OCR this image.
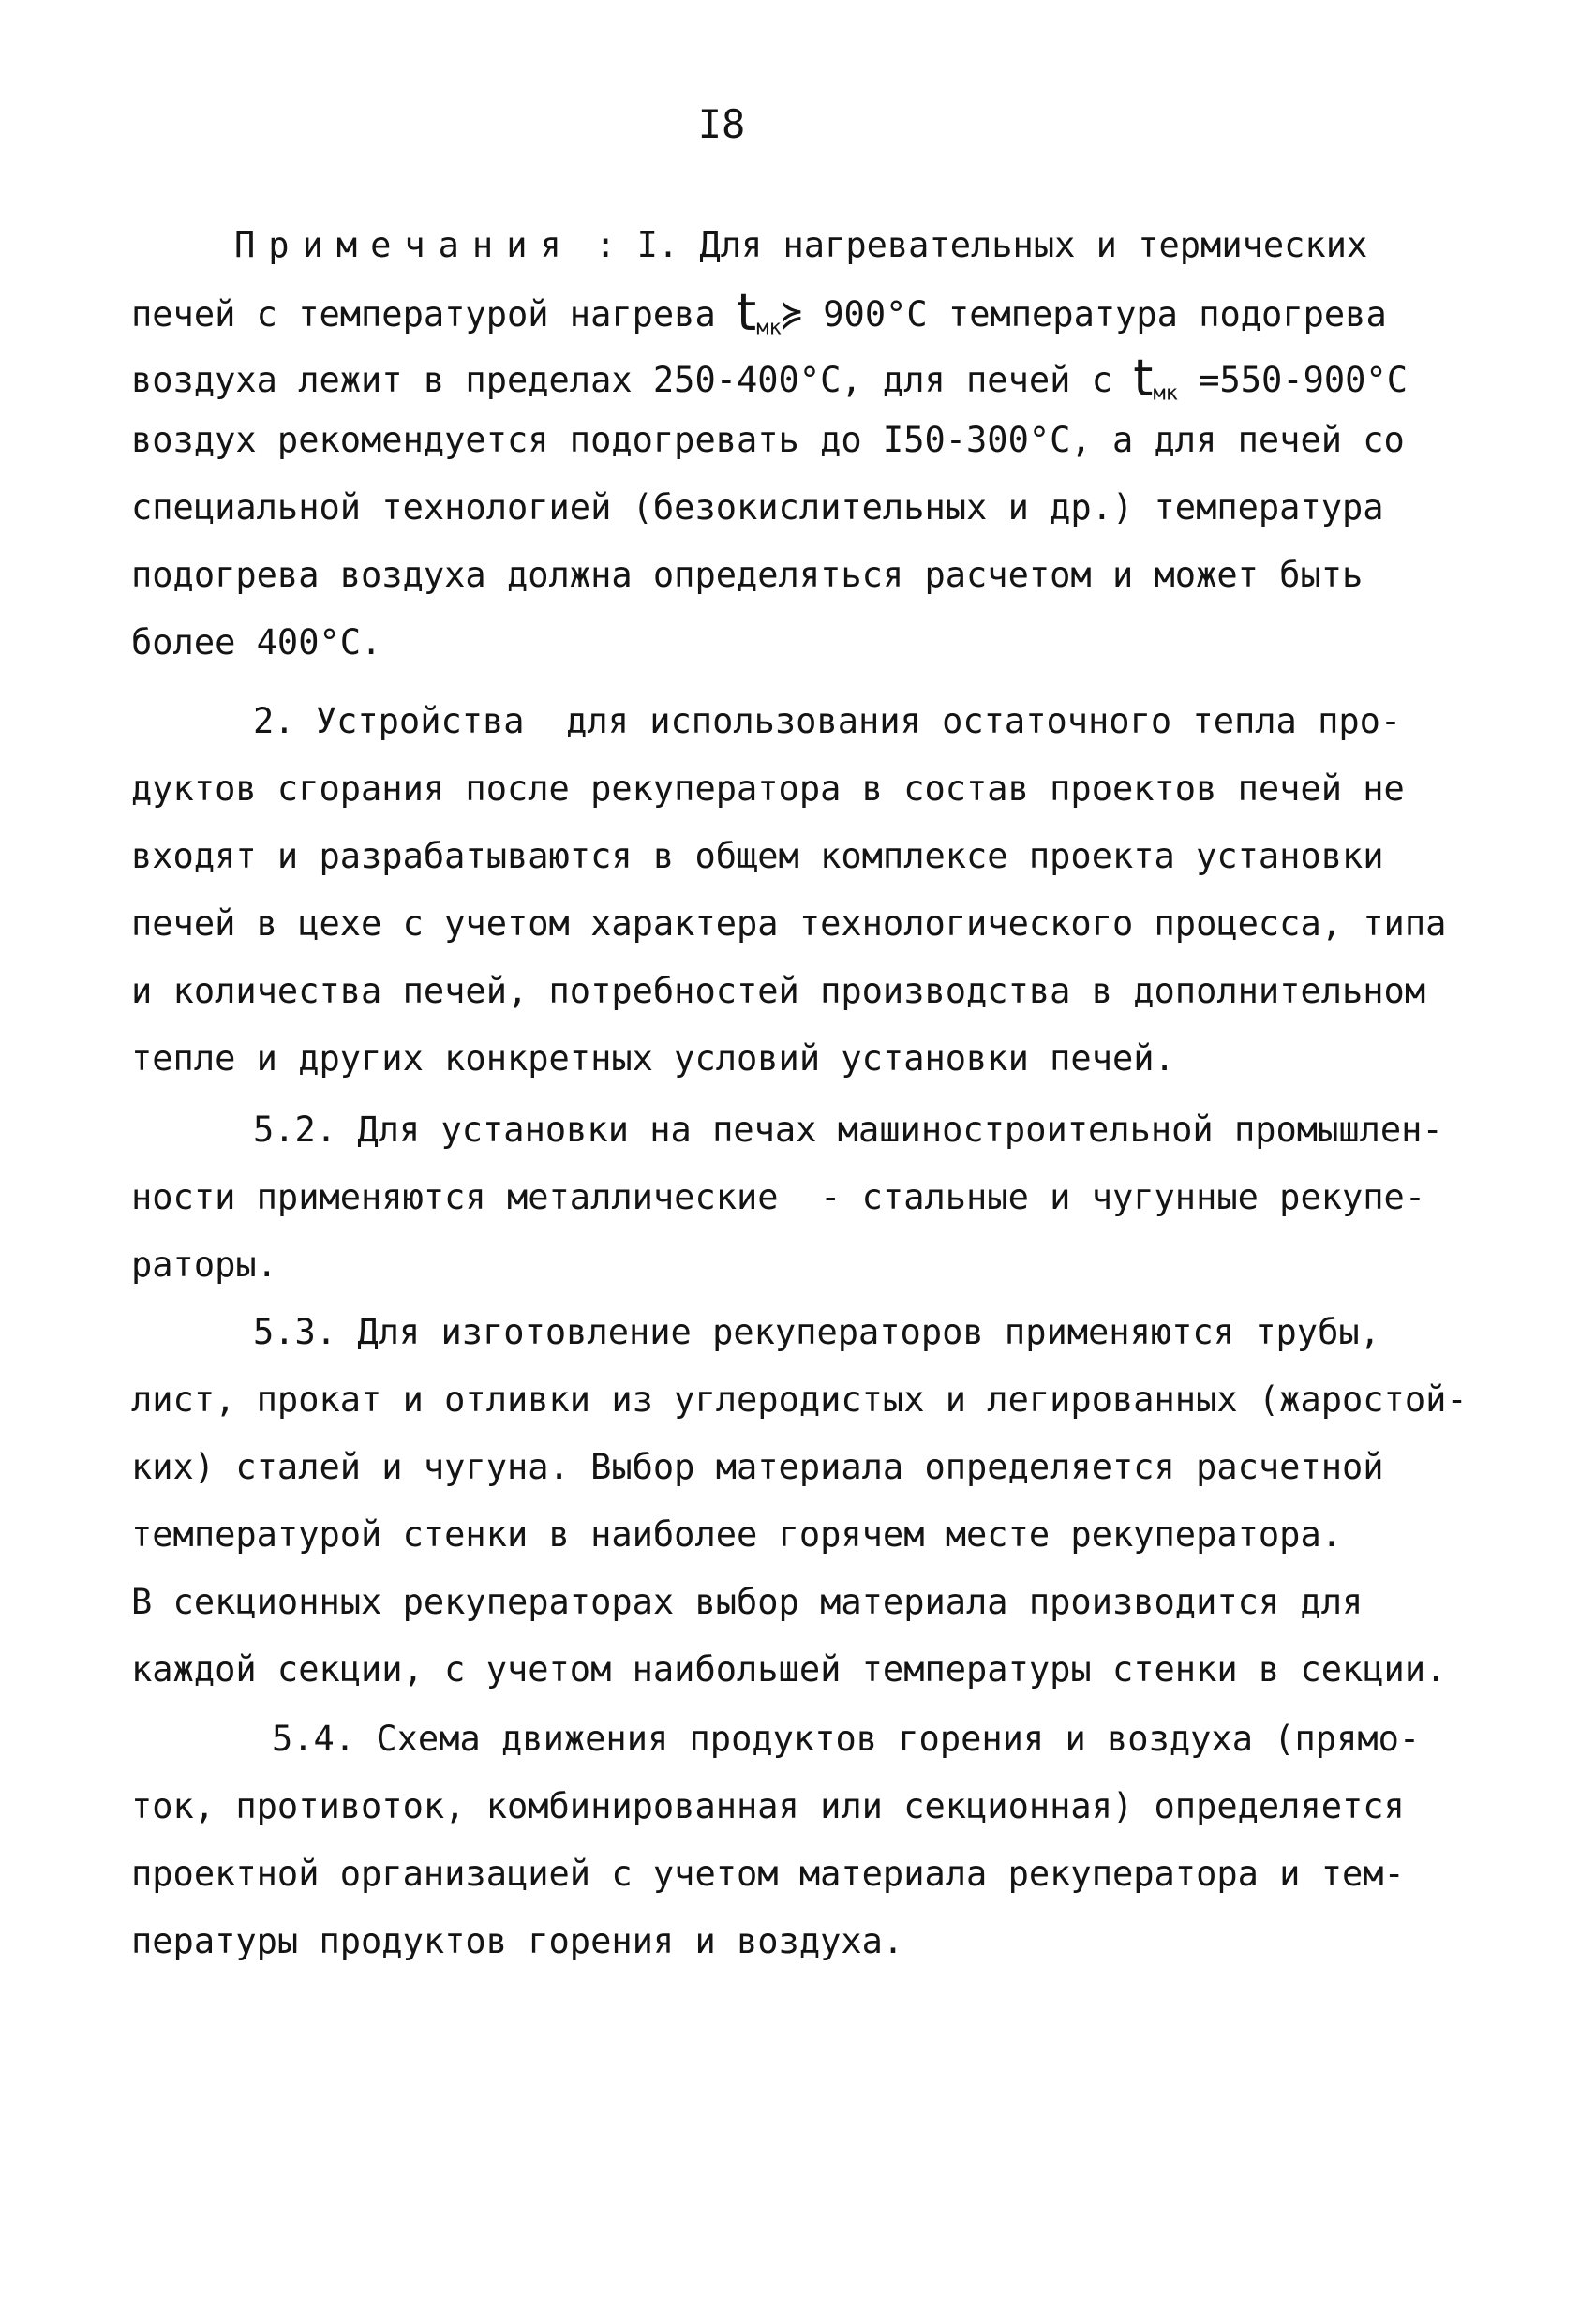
I8
Примечания : I. Для нагревательных и термических
печей с температурой нагрева $t_{мк}≽$ 900°С температура подогрева
воздуха лежит в пределах 250-400°С, для печей с $t_{мк} =550-900^\circ С$
воздух рекомендуется подогревать до I50-300°С, а для печей со
специальной технологией (безокислительных и др.) температура
подогрева воздуха должна определяться расчетом и может быть
более 400°С.
2. Устройства  для использования остаточного тепла про-
дуктов сгорания после рекуператора в состав проектов печей не
входят и разрабатываются в общем комплексе проекта установки
печей в цехе с учетом характера технологического процесса, типа
и количества печей, потребностей производства в дополнительном
тепле и других конкретных условий установки печей.
5.2. Для установки на печах машиностроительной промышлен-
ности применяются металлические  - стальные и чугунные рекупе-
раторы.
5.3. Для изготовление рекуператоров применяются трубы,
лист, прокат и отливки из углеродистых и легированных (жаростой-
ких) сталей и чугуна. Выбор материала определяется расчетной
температурой стенки в наиболее горячем месте рекуператора.
В секционных рекуператорах выбор материала производится для
каждой секции, с учетом наибольшей температуры стенки в секции.
5.4. Схема движения продуктов горения и воздуха (прямо-
ток, противоток, комбинированная или секционная) определяется
проектной организацией с учетом материала рекуператора и тем-
пературы продуктов горения и воздуха.
